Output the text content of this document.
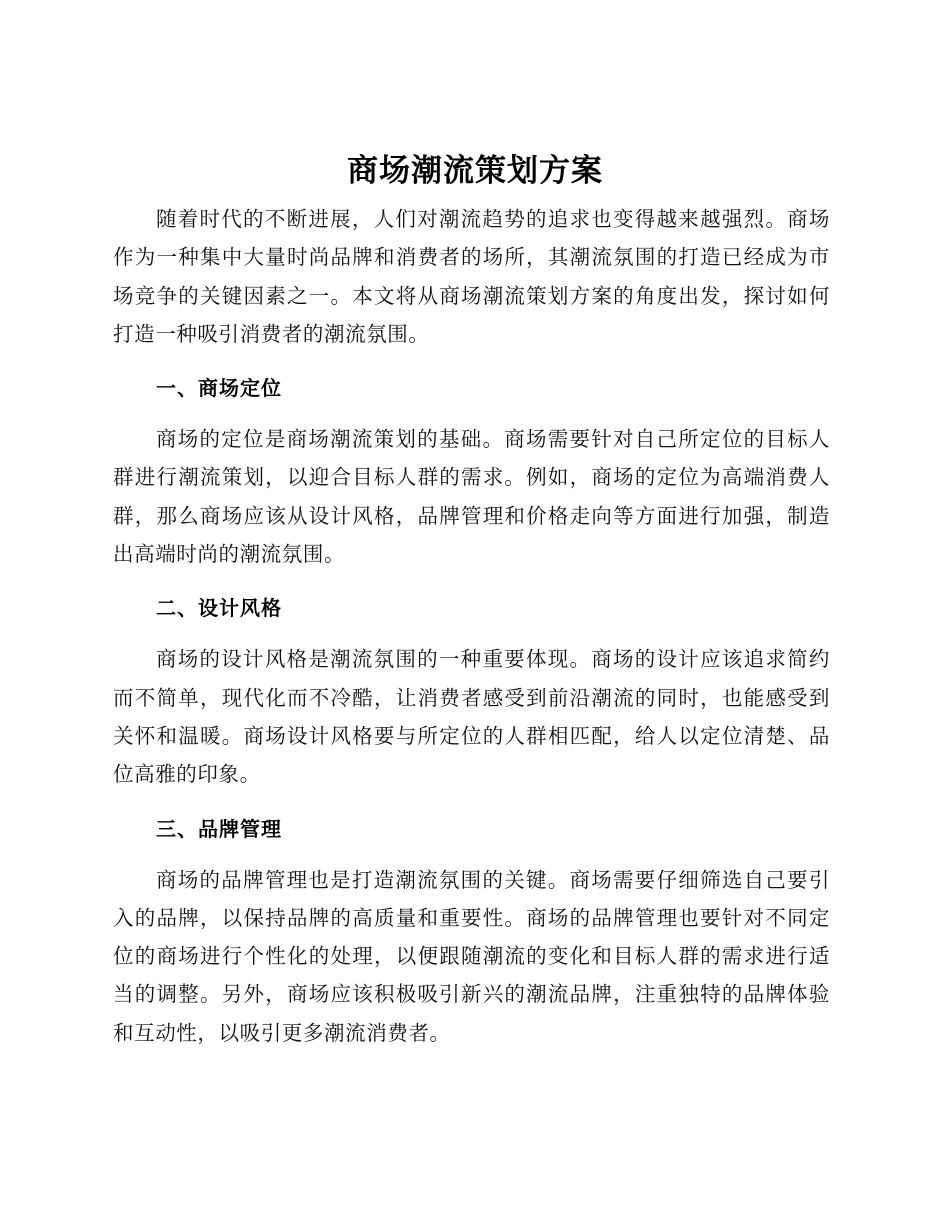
商场潮流策划方案

随着时代的不断进展，人们对潮流趋势的追求也变得越来越强烈。商场作为一种集中大量时尚品牌和消费者的场所，其潮流氛围的打造已经成为市场竞争的关键因素之一。本文将从商场潮流策划方案的角度出发，探讨如何打造一种吸引消费者的潮流氛围。

一、商场定位

商场的定位是商场潮流策划的基础。商场需要针对自己所定位的目标人群进行潮流策划，以迎合目标人群的需求。例如，商场的定位为高端消费人群，那么商场应该从设计风格，品牌管理和价格走向等方面进行加强，制造出高端时尚的潮流氛围。

二、设计风格

商场的设计风格是潮流氛围的一种重要体现。商场的设计应该追求简约而不简单，现代化而不冷酷，让消费者感受到前沿潮流的同时，也能感受到关怀和温暖。商场设计风格要与所定位的人群相匹配，给人以定位清楚、品位高雅的印象。

三、品牌管理

商场的品牌管理也是打造潮流氛围的关键。商场需要仔细筛选自己要引入的品牌，以保持品牌的高质量和重要性。商场的品牌管理也要针对不同定位的商场进行个性化的处理，以便跟随潮流的变化和目标人群的需求进行适当的调整。另外，商场应该积极吸引新兴的潮流品牌，注重独特的品牌体验和互动性，以吸引更多潮流消费者。
